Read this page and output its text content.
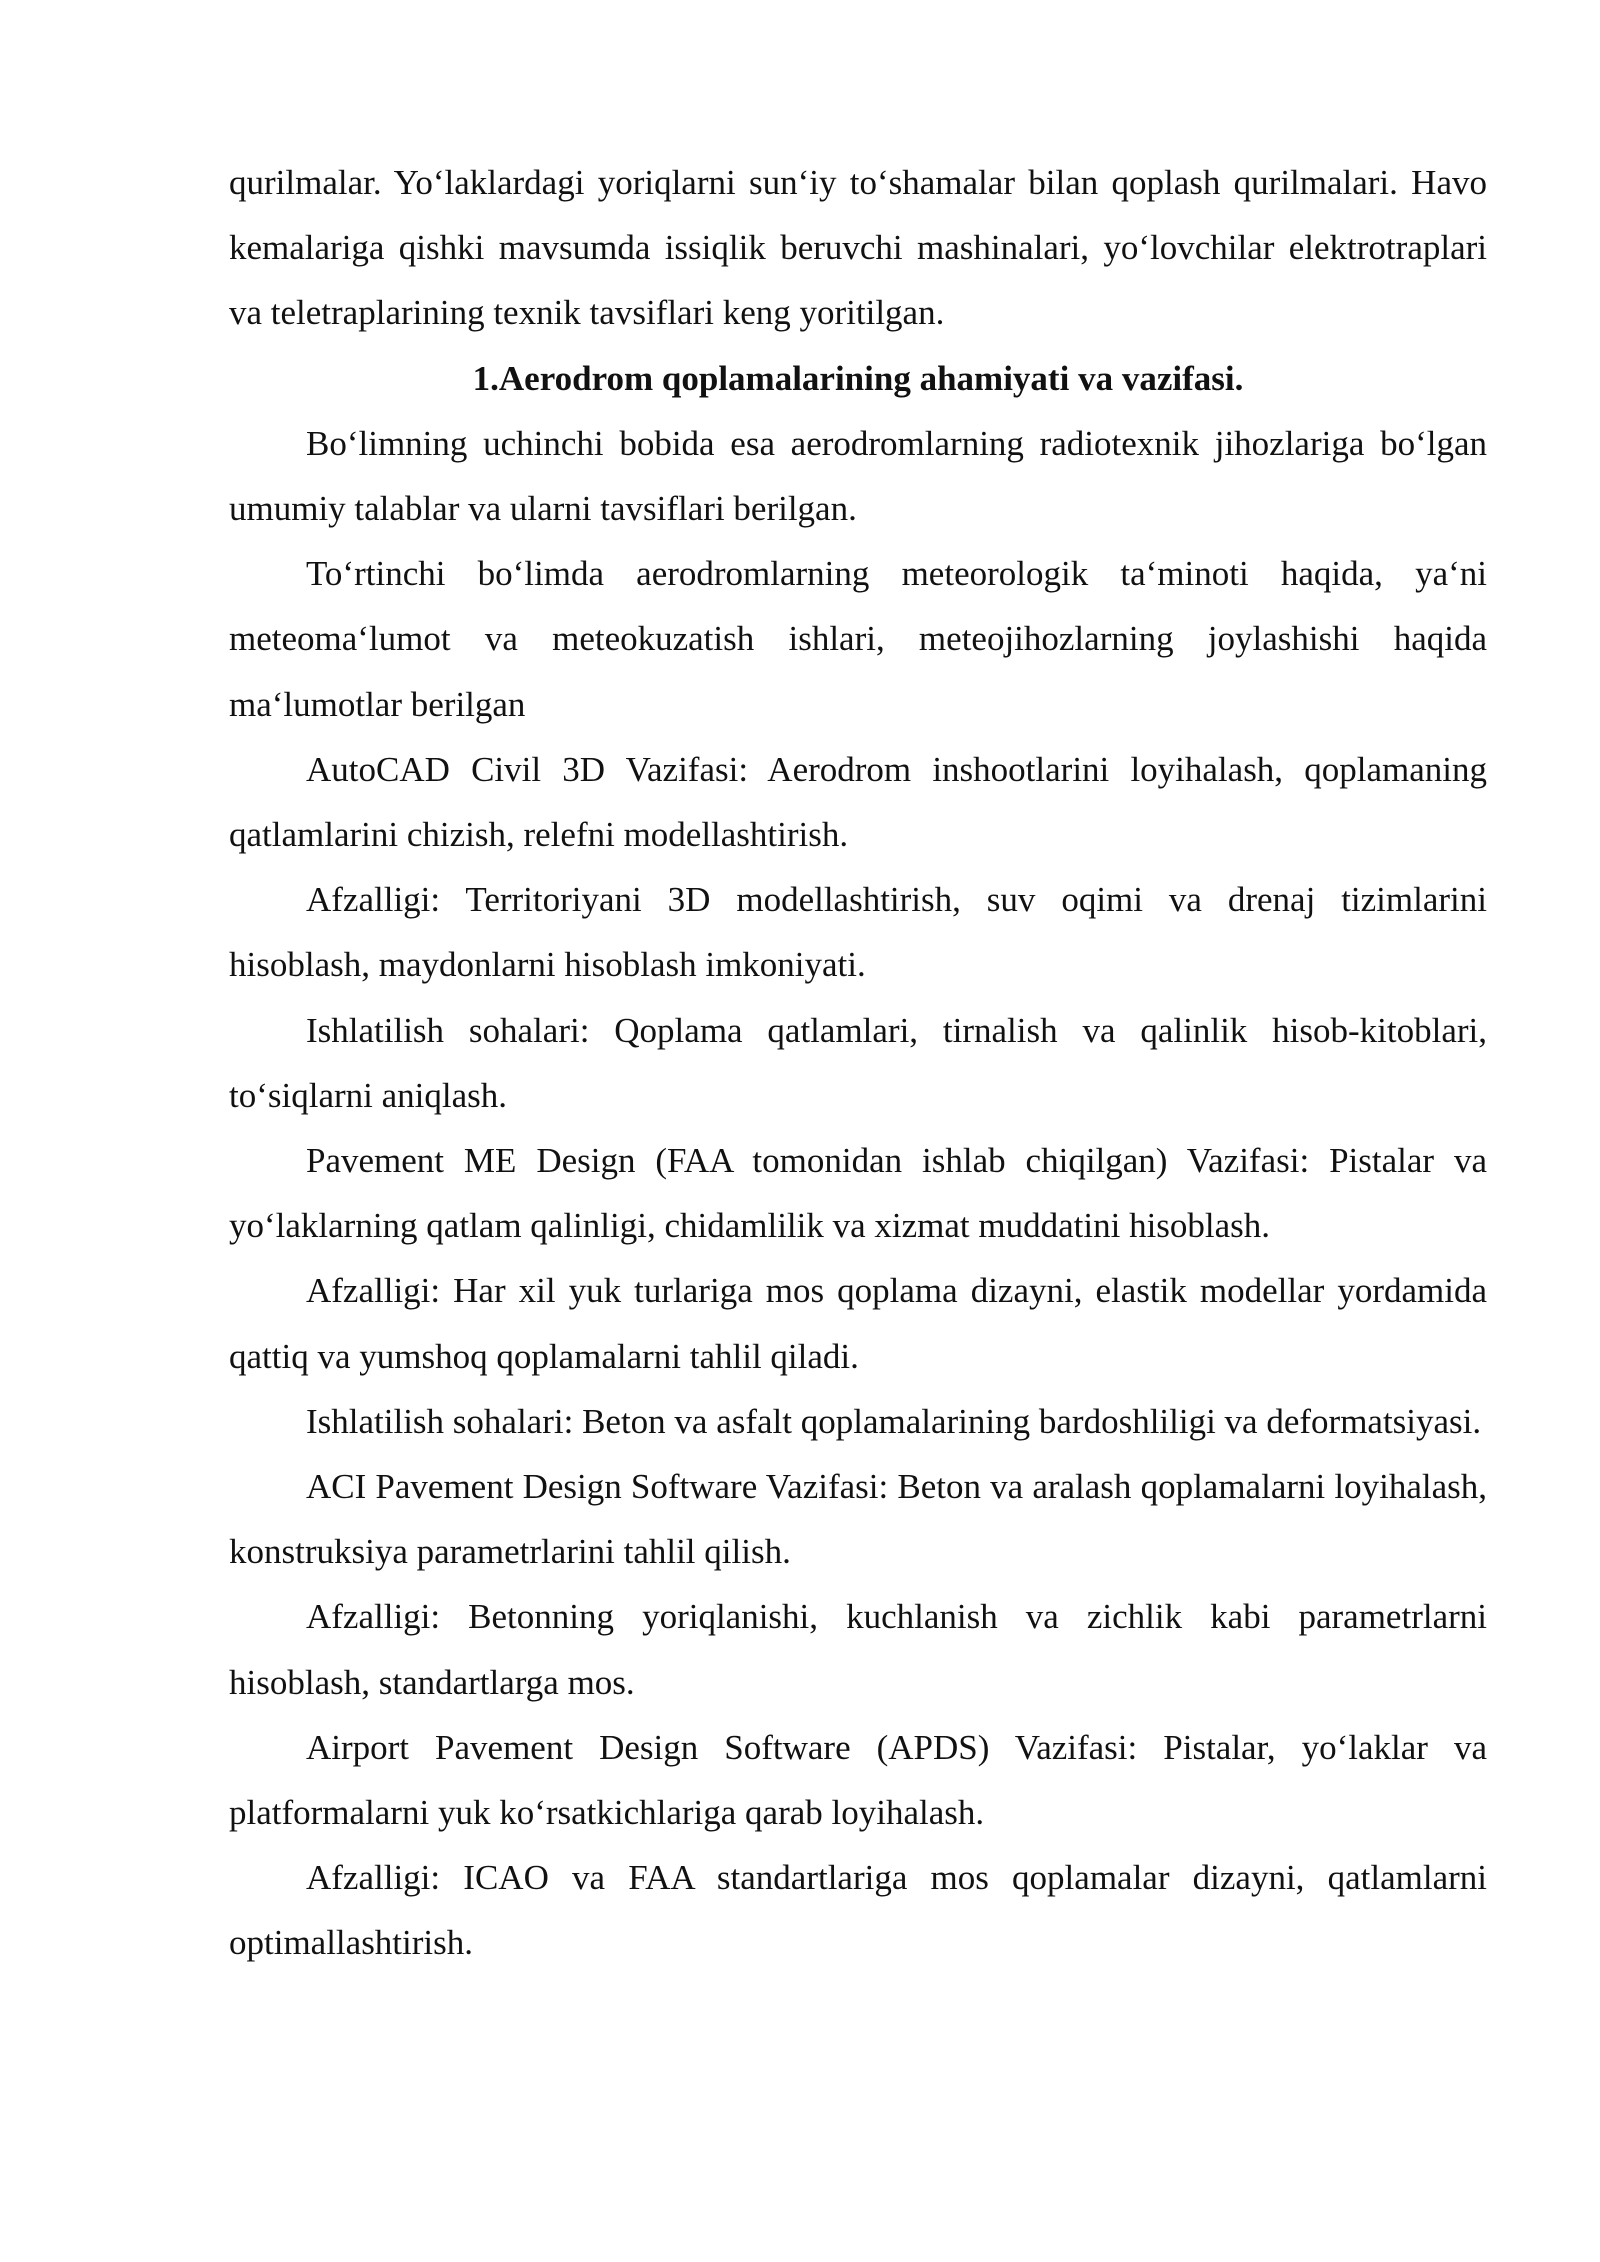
qurilmalar. Yo‘laklardagi yoriqlarni sun‘iy to‘shamalar bilan qoplash qurilmalari. Havo kemalariga qishki mavsumda issiqlik beruvchi mashinalari, yo‘lovchilar elektrotraplari va teletraplarining texnik tavsiflari keng yoritilgan.

1.Aerodrom qoplamalarining ahamiyati va vazifasi.

Bo‘limning uchinchi bobida esa aerodromlarning radiotexnik jihozlariga bo‘lgan umumiy talablar va ularni tavsiflari berilgan.

To‘rtinchi bo‘limda aerodromlarning meteorologik ta‘minoti haqida, ya‘ni meteoma‘lumot va meteokuzatish ishlari, meteojihozlarning joylashishi haqida ma‘lumotlar berilgan

AutoCAD Civil 3D Vazifasi: Aerodrom inshootlarini loyihalash, qoplamaning qatlamlarini chizish, relefni modellashtirish.

Afzalligi: Territoriyani 3D modellashtirish, suv oqimi va drenaj tizimlarini hisoblash, maydonlarni hisoblash imkoniyati.

Ishlatilish sohalari: Qoplama qatlamlari, tirnalish va qalinlik hisob-kitoblari, to‘siqlarni aniqlash.

Pavement ME Design (FAA tomonidan ishlab chiqilgan) Vazifasi: Pistalar va yo‘laklarning qatlam qalinligi, chidamlilik va xizmat muddatini hisoblash.

Afzalligi: Har xil yuk turlariga mos qoplama dizayni, elastik modellar yordamida qattiq va yumshoq qoplamalarni tahlil qiladi.

Ishlatilish sohalari: Beton va asfalt qoplamalarining bardoshliligi va deformatsiyasi.

ACI Pavement Design Software Vazifasi: Beton va aralash qoplamalarni loyihalash, konstruksiya parametrlarini tahlil qilish.

Afzalligi: Betonning yoriqlanishi, kuchlanish va zichlik kabi parametrlarni hisoblash, standartlarga mos.

Airport Pavement Design Software (APDS) Vazifasi: Pistalar, yo‘laklar va platformalarni yuk ko‘rsatkichlariga qarab loyihalash.

Afzalligi: ICAO va FAA standartlariga mos qoplamalar dizayni, qatlamlarni optimallashtirish.
